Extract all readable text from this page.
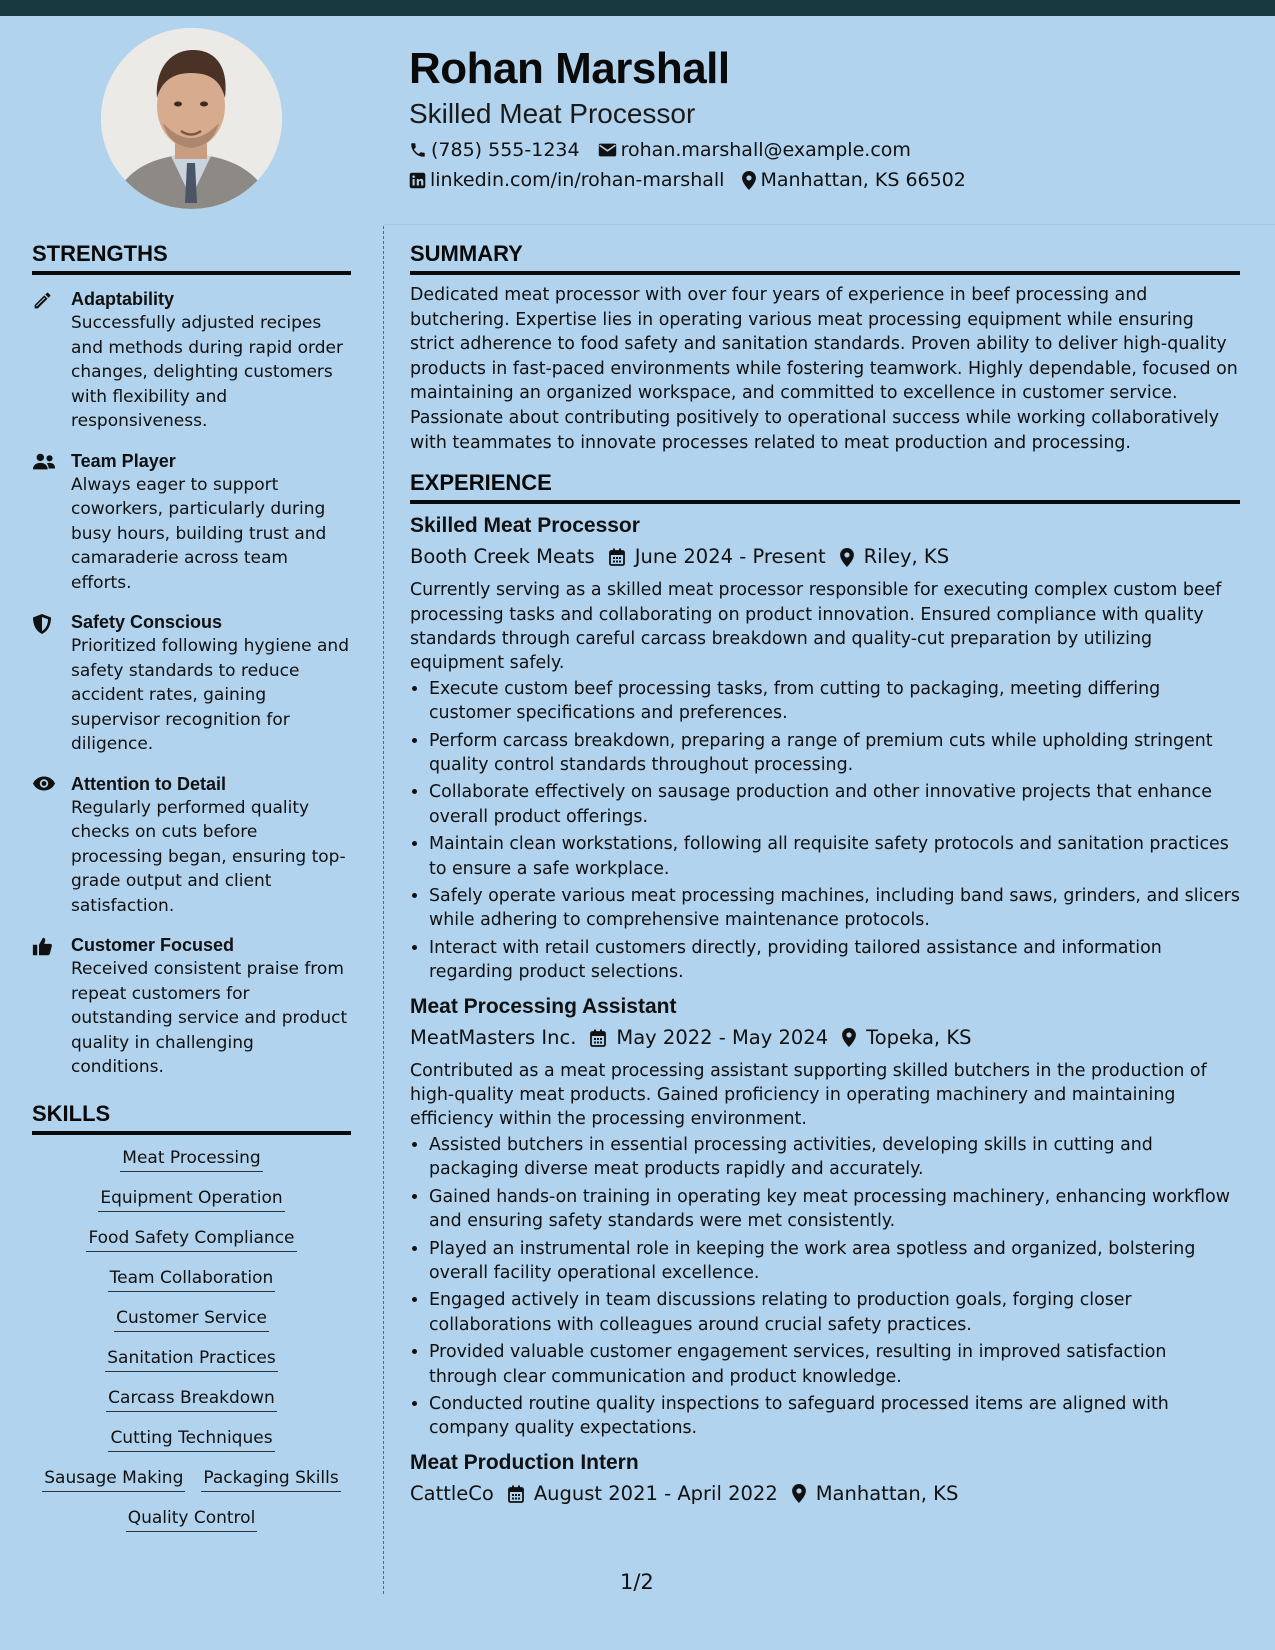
Rohan Marshall
Skilled Meat Processor
(785) 555-1234 rohan.marshall@example.com
linkedin.com/in/rohan-marshall Manhattan, KS 66502
STRENGTHS
Adaptability
Successfully adjusted recipes and methods during rapid order changes, delighting customers with flexibility and responsiveness.
Team Player
Always eager to support coworkers, particularly during busy hours, building trust and camaraderie across team efforts.
Safety Conscious
Prioritized following hygiene and safety standards to reduce accident rates, gaining supervisor recognition for diligence.
Attention to Detail
Regularly performed quality checks on cuts before processing began, ensuring top-grade output and client satisfaction.
Customer Focused
Received consistent praise from repeat customers for outstanding service and product quality in challenging conditions.
SKILLS
Meat Processing
Equipment Operation
Food Safety Compliance
Team Collaboration
Customer Service
Sanitation Practices
Carcass Breakdown
Cutting Techniques
Sausage Making Packaging Skills
Quality Control
SUMMARY
Dedicated meat processor with over four years of experience in beef processing and butchering. Expertise lies in operating various meat processing equipment while ensuring strict adherence to food safety and sanitation standards. Proven ability to deliver high-quality products in fast-paced environments while fostering teamwork. Highly dependable, focused on maintaining an organized workspace, and committed to excellence in customer service. Passionate about contributing positively to operational success while working collaboratively with teammates to innovate processes related to meat production and processing.
EXPERIENCE
Skilled Meat Processor
Booth Creek Meats June 2024 - Present Riley, KS
Currently serving as a skilled meat processor responsible for executing complex custom beef processing tasks and collaborating on product innovation. Ensured compliance with quality standards through careful carcass breakdown and quality-cut preparation by utilizing equipment safely.
• Execute custom beef processing tasks, from cutting to packaging, meeting differing customer specifications and preferences.
• Perform carcass breakdown, preparing a range of premium cuts while upholding stringent quality control standards throughout processing.
• Collaborate effectively on sausage production and other innovative projects that enhance overall product offerings.
• Maintain clean workstations, following all requisite safety protocols and sanitation practices to ensure a safe workplace.
• Safely operate various meat processing machines, including band saws, grinders, and slicers while adhering to comprehensive maintenance protocols.
• Interact with retail customers directly, providing tailored assistance and information regarding product selections.
Meat Processing Assistant
MeatMasters Inc. May 2022 - May 2024 Topeka, KS
Contributed as a meat processing assistant supporting skilled butchers in the production of high-quality meat products. Gained proficiency in operating machinery and maintaining efficiency within the processing environment.
• Assisted butchers in essential processing activities, developing skills in cutting and packaging diverse meat products rapidly and accurately.
• Gained hands-on training in operating key meat processing machinery, enhancing workflow and ensuring safety standards were met consistently.
• Played an instrumental role in keeping the work area spotless and organized, bolstering overall facility operational excellence.
• Engaged actively in team discussions relating to production goals, forging closer collaborations with colleagues around crucial safety practices.
• Provided valuable customer engagement services, resulting in improved satisfaction through clear communication and product knowledge.
• Conducted routine quality inspections to safeguard processed items are aligned with company quality expectations.
Meat Production Intern
CattleCo August 2021 - April 2022 Manhattan, KS
1/2
